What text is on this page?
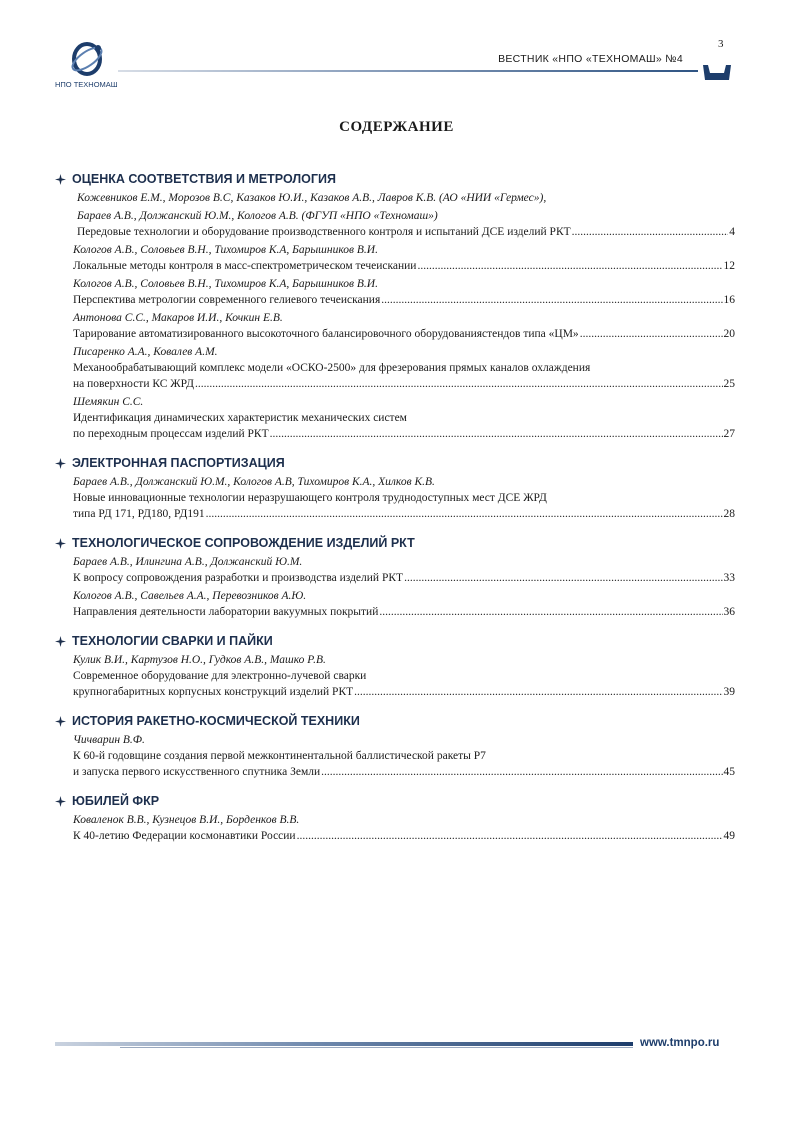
НПО ТЕХНОМАШ
3
ВЕСТНИК «НПО «ТЕХНОМАШ» №4
СОДЕРЖАНИЕ
ОЦЕНКА СООТВЕТСТВИЯ И МЕТРОЛОГИЯ
Кожевников Е.М., Морозов В.С, Казаков Ю.И., Казаков А.В., Лавров К.В. (АО «НИИ «Гермес»),
Бараев А.В., Должанский Ю.М., Кологов А.В. (ФГУП «НПО «Техномаш»)
Передовые технологии и оборудование производственного контроля и испытаний ДСЕ изделий РКТ .....	4
Кологов А.В., Соловьев В.Н., Тихомиров К.А, Барышников В.И.
Локальные методы контроля в масс-спектрометрическом течеискании .....	12
Кологов А.В., Соловьев В.Н., Тихомиров К.А, Барышников В.И.
Перспектива метрологии современного гелиевого течеискания .....	16
Антонова С.С., Макаров И.И., Кочкин Е.В.
Тарирование автоматизированного высокоточного балансировочного оборудованиястендов типа «ЦМ» .....	20
Писаренко А.А., Ковалев А.М.
Механообрабатывающий комплекс модели «ОСКО-2500» для фрезерования прямых каналов охлаждения
на поверхности КС ЖРД .....	25
Шемякин С.С.
Идентификация динамических характеристик механических систем
по переходным процессам изделий РКТ .....	27
ЭЛЕКТРОННАЯ ПАСПОРТИЗАЦИЯ
Бараев А.В., Должанский Ю.М., Кологов А.В, Тихомиров К.А., Хилков К.В.
Новые инновационные технологии неразрушающего контроля труднодоступных мест ДСЕ ЖРД
типа РД 171, РД180, РД191 .....	28
ТЕХНОЛОГИЧЕСКОЕ СОПРОВОЖДЕНИЕ ИЗДЕЛИЙ РКТ
Бараев А.В., Илингина А.В., Должанский Ю.М.
К вопросу сопровождения разработки и производства изделий РКТ .....	33
Кологов А.В., Савельев А.А., Перевозников А.Ю.
Направления деятельности лаборатории вакуумных покрытий .....	36
ТЕХНОЛОГИИ СВАРКИ И ПАЙКИ
Кулик В.И., Картузов Н.О., Гудков А.В., Машко Р.В.
Современное оборудование для электронно-лучевой сварки
крупногабаритных корпусных конструкций изделий РКТ .....	39
ИСТОРИЯ РАКЕТНО-КОСМИЧЕСКОЙ ТЕХНИКИ
Чичварин В.Ф.
К 60-й годовщине создания первой межконтинентальной баллистической ракеты Р7
и запуска первого искусственного спутника Земли .....	45
ЮБИЛЕЙ ФКР
Коваленок В.В., Кузнецов В.И., Борденков В.В.
К 40-летию Федерации космонавтики России .....	49
www.tmnpo.ru
